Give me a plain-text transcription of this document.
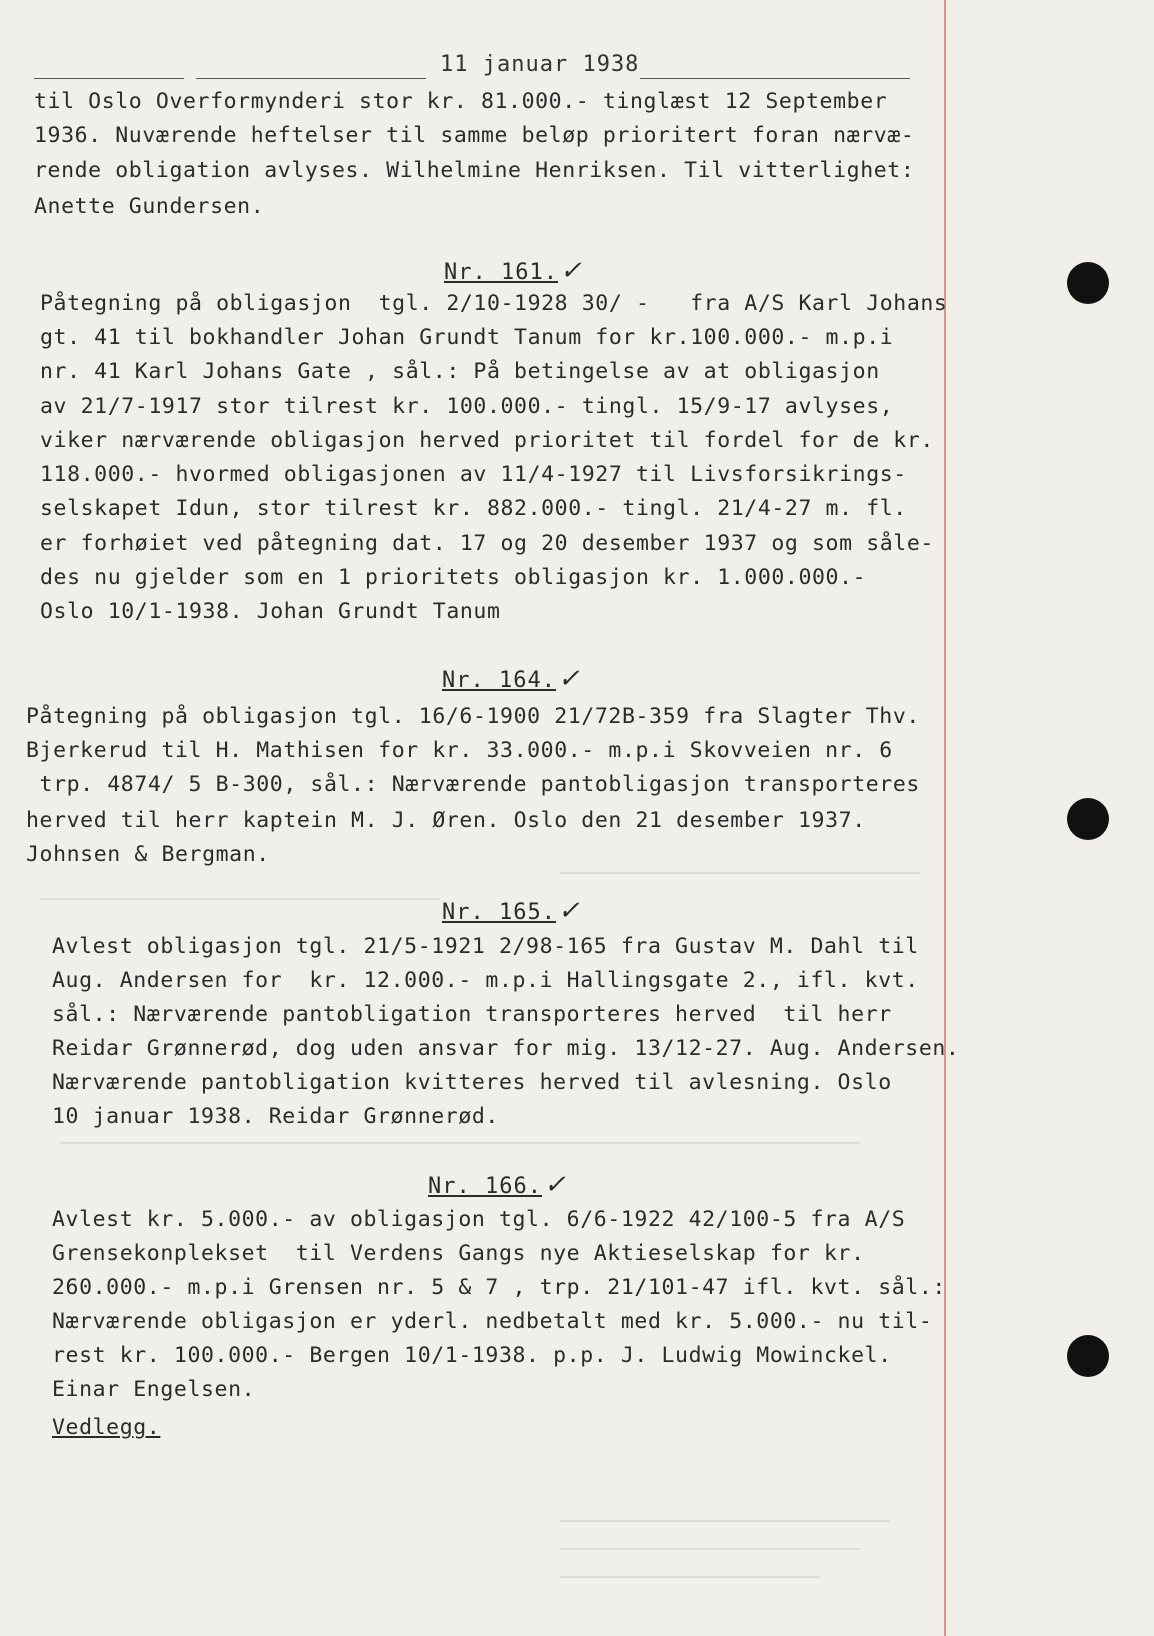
11 januar 1938
til Oslo Overformynderi stor kr. 81.000.- tinglæst 12 September
1936. Nuværende heftelser til samme beløp prioritert foran nærvæ-
rende obligation avlyses. Wilhelmine Henriksen. Til vitterlighet:
Anette Gundersen.
Nr. 161.✓
Påtegning på obligasjon  tgl. 2/10-1928 30/ -   fra A/S Karl Johans
gt. 41 til bokhandler Johan Grundt Tanum for kr.100.000.- m.p.i
nr. 41 Karl Johans Gate , sål.: På betingelse av at obligasjon
av 21/7-1917 stor tilrest kr. 100.000.- tingl. 15/9-17 avlyses,
viker nærværende obligasjon herved prioritet til fordel for de kr.
118.000.- hvormed obligasjonen av 11/4-1927 til Livsforsikrings-
selskapet Idun, stor tilrest kr. 882.000.- tingl. 21/4-27 m. fl.
er forhøiet ved påtegning dat. 17 og 20 desember 1937 og som såle-
des nu gjelder som en 1 prioritets obligasjon kr. 1.000.000.-
Oslo 10/1-1938. Johan Grundt Tanum
Nr. 164.✓
Påtegning på obligasjon tgl. 16/6-1900 21/72B-359 fra Slagter Thv.
Bjerkerud til H. Mathisen for kr. 33.000.- m.p.i Skovveien nr. 6
trp. 4874/ 5 B-300, sål.: Nærværende pantobligasjon transporteres
herved til herr kaptein M. J. Øren. Oslo den 21 desember 1937.
Johnsen & Bergman.
Nr. 165.✓
Avlest obligasjon tgl. 21/5-1921 2/98-165 fra Gustav M. Dahl til
Aug. Andersen for  kr. 12.000.- m.p.i Hallingsgate 2., ifl. kvt.
sål.: Nærværende pantobligation transporteres herved  til herr
Reidar Grønnerød, dog uden ansvar for mig. 13/12-27. Aug. Andersen.
Nærværende pantobligation kvitteres herved til avlesning. Oslo
10 januar 1938. Reidar Grønnerød.
Nr. 166.✓
Avlest kr. 5.000.- av obligasjon tgl. 6/6-1922 42/100-5 fra A/S
Grensekonplekset  til Verdens Gangs nye Aktieselskap for kr.
260.000.- m.p.i Grensen nr. 5 & 7 , trp. 21/101-47 ifl. kvt. sål.:
Nærværende obligasjon er yderl. nedbetalt med kr. 5.000.- nu til-
rest kr. 100.000.- Bergen 10/1-1938. p.p. J. Ludwig Mowinckel.
Einar Engelsen.
Vedlegg.
